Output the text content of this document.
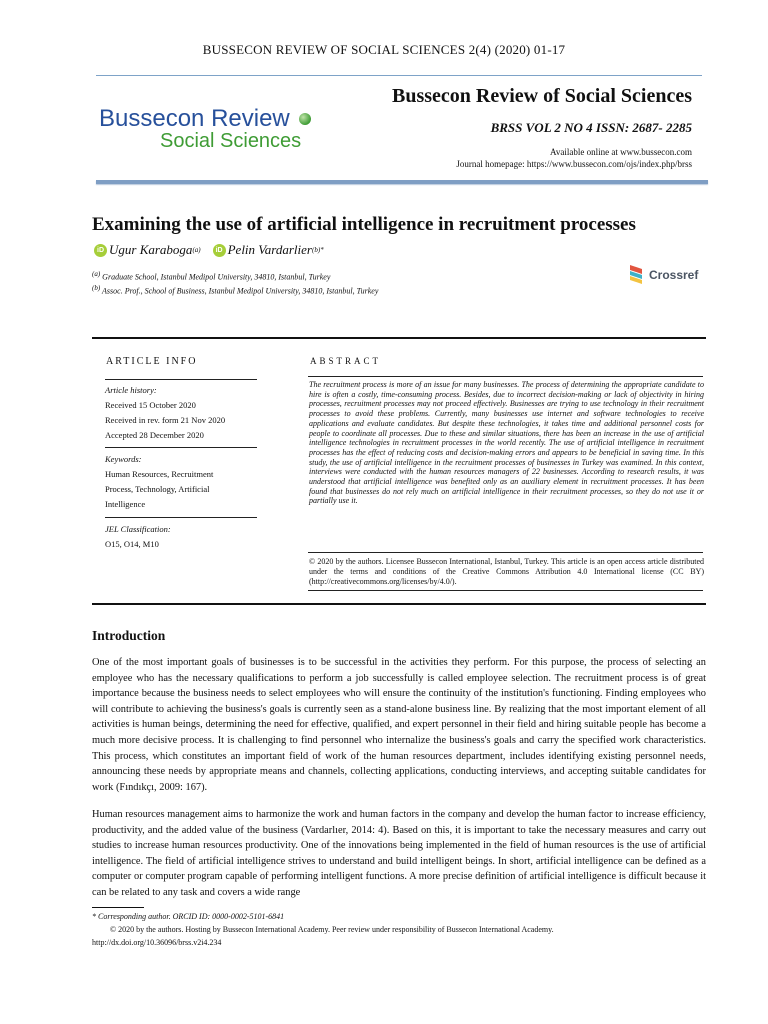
BUSSECON REVIEW OF SOCIAL SCIENCES 2(4) (2020) 01-17
Bussecon Review
Social Sciences
Bussecon Review of Social Sciences
BRSS VOL 2 NO 4 ISSN: 2687- 2285
Available online at www.bussecon.com
Journal homepage: https://www.bussecon.com/ojs/index.php/brss
Examining the use of artificial intelligence in recruitment processes
iD Ugur Karaboga (a)	iD Pelin Vardarlier (b)*
(a) Graduate School, Istanbul Medipol University, 34810, Istanbul, Turkey
(b) Assoc. Prof., School of Business, Istanbul Medipol University, 34810, Istanbul, Turkey
Crossref
ARTICLE INFO
Article history:
Received 15 October 2020
Received in rev. form 21 Nov 2020
Accepted 28 December 2020
Keywords:
Human Resources, Recruitment
Process, Technology, Artificial
Intelligence
JEL Classification:
O15, O14, M10
ABSTRACT
The recruitment process is more of an issue for many businesses. The process of determining the appropriate candidate to hire is often a costly, time-consuming process. Besides, due to incorrect decision-making or lack of objectivity in hiring processes, recruitment processes may not proceed effectively. Businesses are trying to use technology in their recruitment processes to avoid these problems. Currently, many businesses use internet and software technologies to receive applications and evaluate candidates. But despite these technologies, it takes time and additional personnel costs for people to coordinate all processes. Due to these and similar situations, there has been an increase in the use of artificial intelligence technologies in recruitment processes in the world recently. The use of artificial intelligence in recruitment processes has the effect of reducing costs and decision-making errors and appears to be beneficial in saving time. In this study, the use of artificial intelligence in the recruitment processes of businesses in Turkey was examined. In this context, interviews were conducted with the human resources managers of 22 businesses. According to research results, it was understood that artificial intelligence was benefited only as an auxiliary element in recruitment processes. It has been found that businesses do not rely much on artificial intelligence in their recruitment processes, so they do not use it or partially use it.
© 2020 by the authors. Licensee Bussecon International, Istanbul, Turkey. This article is an open access article distributed under the terms and conditions of the Creative Commons Attribution 4.0 International license (CC BY) (http://creativecommons.org/licenses/by/4.0/).
Introduction
One of the most important goals of businesses is to be successful in the activities they perform. For this purpose, the process of selecting an employee who has the necessary qualifications to perform a job successfully is called employee selection. The recruitment process is of great importance because the business needs to select employees who will ensure the continuity of the institution's functioning. Finding employees who will contribute to achieving the business's goals is currently seen as a stand-alone business line. By realizing that the most important element of all activities is human beings, determining the need for effective, qualified, and expert personnel in their field and hiring suitable people has become a much more decisive process. It is challenging to find personnel who internalize the business's goals and carry the specified work characteristics. This process, which constitutes an important field of work of the human resources department, includes identifying existing personnel needs, announcing these needs by appropriate means and channels, collecting applications, conducting interviews, and accepting suitable candidates for work (Fındıkçı, 2009: 167).
Human resources management aims to harmonize the work and human factors in the company and develop the human factor to increase efficiency, productivity, and the added value of the business (Vardarlıer, 2014: 4). Based on this, it is important to take the necessary measures and carry out studies to increase human resources productivity. One of the innovations being implemented in the field of human resources is the use of artificial intelligence. The field of artificial intelligence strives to understand and build intelligent beings. In short, artificial intelligence can be defined as a computer or computer program capable of performing intelligent functions. A more precise definition of artificial intelligence is difficult because it can be related to any task and covers a wide range
* Corresponding author. ORCID ID: 0000-0002-5101-6841
© 2020 by the authors. Hosting by Bussecon International Academy. Peer review under responsibility of Bussecon International Academy.
http://dx.doi.org/10.36096/brss.v2i4.234
